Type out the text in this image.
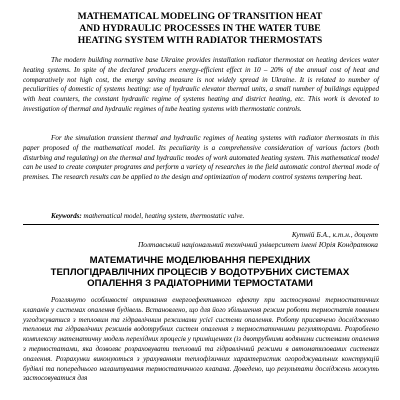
MATHEMATICAL MODELING OF TRANSITION HEAT

AND HYDRAULIC PROCESSES IN THE WATER TUBE

HEATING SYSTEM WITH RADIATOR THERMOSTATS

The modern building normative base Ukraine provides installation radiator thermostat on heating devices water heating systems. In spite of the declared producers energy-efficient effect in 10 – 20% of the annual cost of heat and comparatively not high cost, the energy saving measure is not widely spread in Ukraine. It is related to number of peculiarities of domestic of systems heating: use of hydraulic elevator thermal units, a small number of buildings equipped with heat counters, the constant hydraulic regime of systems heating and district heating, etc. This work is devoted to investigation of thermal and hydraulic regimes of tube heating systems with thermostatic controls.

For the simulation transient thermal and hydraulic regimes of heating systems with radiator thermostats in this paper proposed of the mathematical model. Its peculiarity is a comprehensive consideration of various factors (both disturbing and regulating) on the thermal and hydraulic modes of work automated heating system. This mathematical model can be used to create computer programs and perform a variety of researches in the field automatic control thermal mode of premises. The research results can be applied to the design and optimization of modern control systems tempering heat.

Keywords: mathematical model, heating system, thermostatic valve.

Кутній Б.А., к.т.н., доцент

Полтавський національний технічний університет імені Юрія Кондратюка

МАТЕМАТИЧНЕ МОДЕЛЮВАННЯ ПЕРЕХІДНИХ

ТЕПЛОГІДРАВЛІЧНИХ ПРОЦЕСІВ У ВОДОТРУБНИХ СИСТЕМАХ

ОПАЛЕННЯ З РАДІАТОРНИМИ ТЕРМОСТАТАМИ

Розглянуто особливості отримання енергоефективного ефекту при застосуванні термостатичних клапанів у системах опалення будівель. Встановлено, що для його збільшення режим роботи термостатів повинен узгоджуватися з тепловим та гідравлічним режимами усієї системи опалення. Роботу присвячено дослідженню теплових та гідравлічних режимів водотрубних систем опалення з термостатичними регуляторами. Розроблено комплексну математичну модель перехідних процесів у приміщеннях (із двотрубними водяними системами опалення з термостатами, яка дозволяє розраховувати тепловий та гідравлічний режими в автоматизованих системах опалення. Розрахунки виконуються з урахуванням теплофізичних характеристик огороджувальних конструкцій будівлі та попереднього налаштування термостатичного клапана. Доведено, що результати досліджень можуть застосовуватися для
